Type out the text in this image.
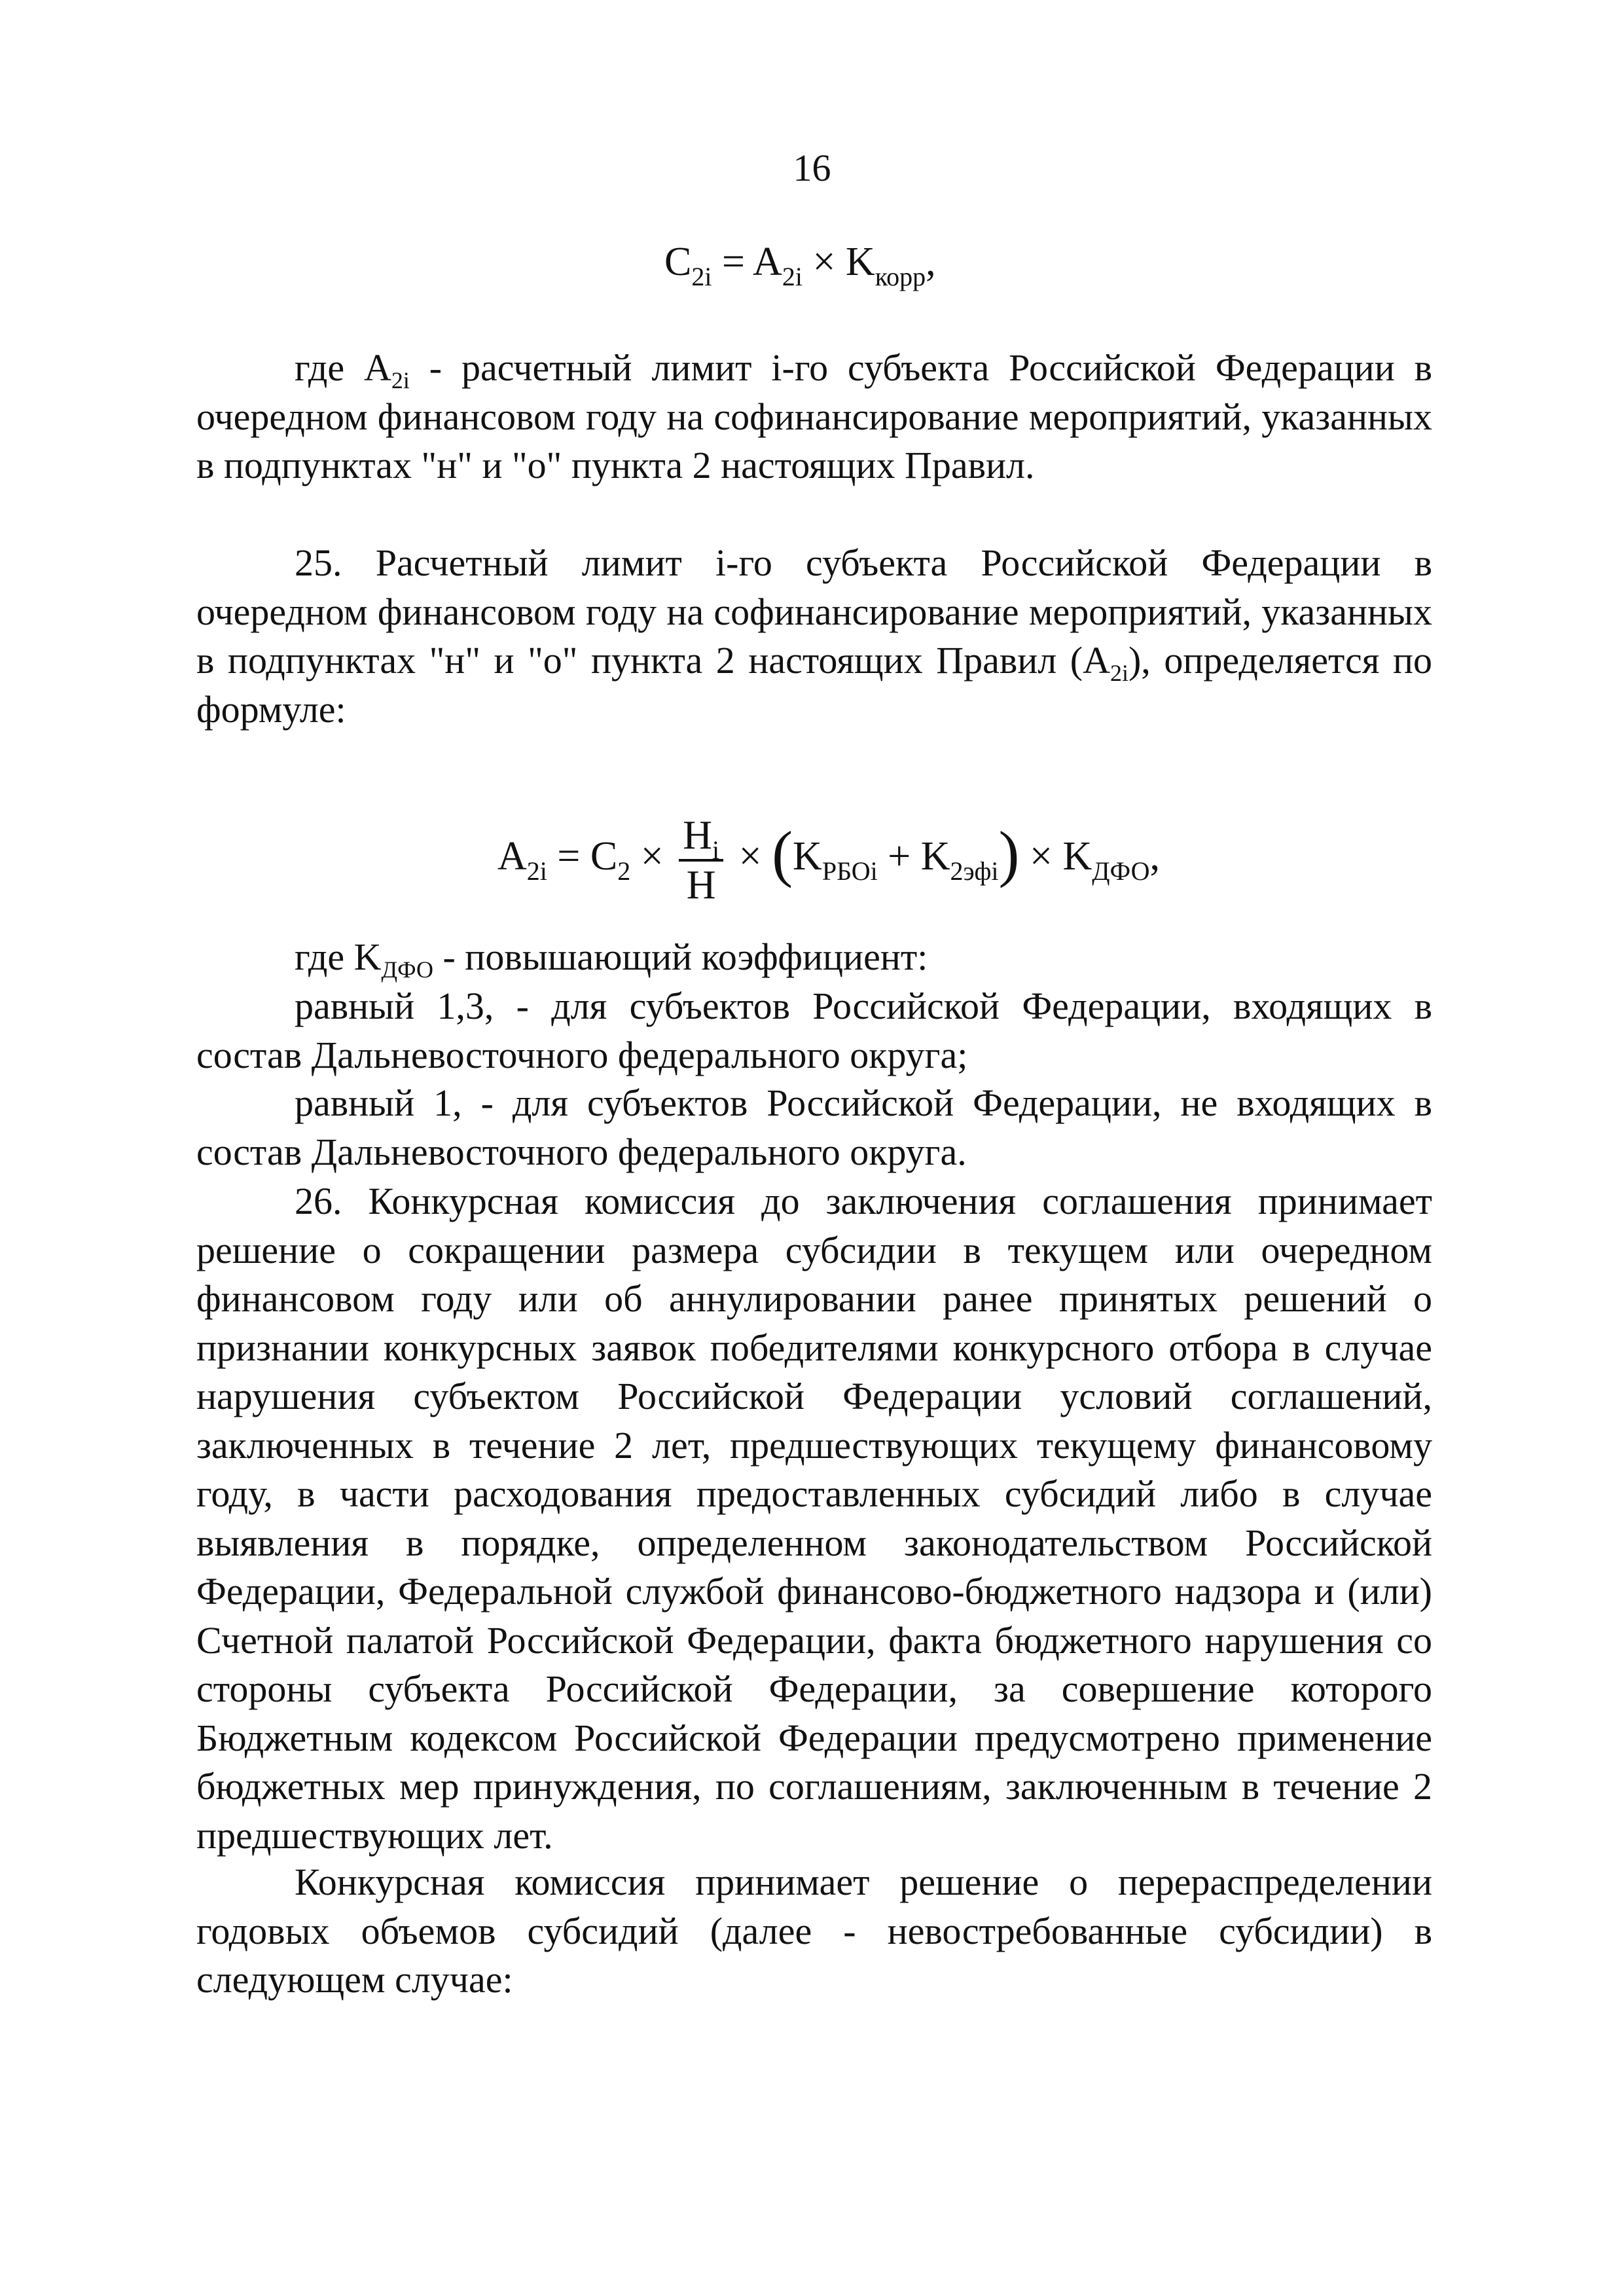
16
$C_{2i} = A_{2i} \times K_{корр}$,

где $A_{2i}$ - расчетный лимит i-го субъекта Российской Федерации в очередном финансовом году на софинансирование мероприятий, указанных в подпунктах "н" и "о" пункта 2 настоящих Правил.

25. Расчетный лимит i-го субъекта Российской Федерации в очередном финансовом году на софинансирование мероприятий, указанных в подпунктах "н" и "о" пункта 2 настоящих Правил $(A_{2i})$, определяется по формуле:

$A_{2i} = C_2 \times \frac{H_i}{H} \times (K_{РБОi} + K_{2эфi}) \times K_{ДФО}$,

где $K_{ДФО}$ - повышающий коэффициент:

равный 1,3, - для субъектов Российской Федерации, входящих в состав Дальневосточного федерального округа;

равный 1, - для субъектов Российской Федерации, не входящих в состав Дальневосточного федерального округа.

26. Конкурсная комиссия до заключения соглашения принимает решение о сокращении размера субсидии в текущем или очередном финансовом году или об аннулировании ранее принятых решений о признании конкурсных заявок победителями конкурсного отбора в случае нарушения субъектом Российской Федерации условий соглашений, заключенных в течение 2 лет, предшествующих текущему финансовому году, в части расходования предоставленных субсидий либо в случае выявления в порядке, определенном законодательством Российской Федерации, Федеральной службой финансово-бюджетного надзора и (или) Счетной палатой Российской Федерации, факта бюджетного нарушения со стороны субъекта Российской Федерации, за совершение которого Бюджетным кодексом Российской Федерации предусмотрено применение бюджетных мер принуждения, по соглашениям, заключенным в течение 2 предшествующих лет.

Конкурсная комиссия принимает решение о перераспределении годовых объемов субсидий (далее - невостребованные субсидии) в следующем случае:
